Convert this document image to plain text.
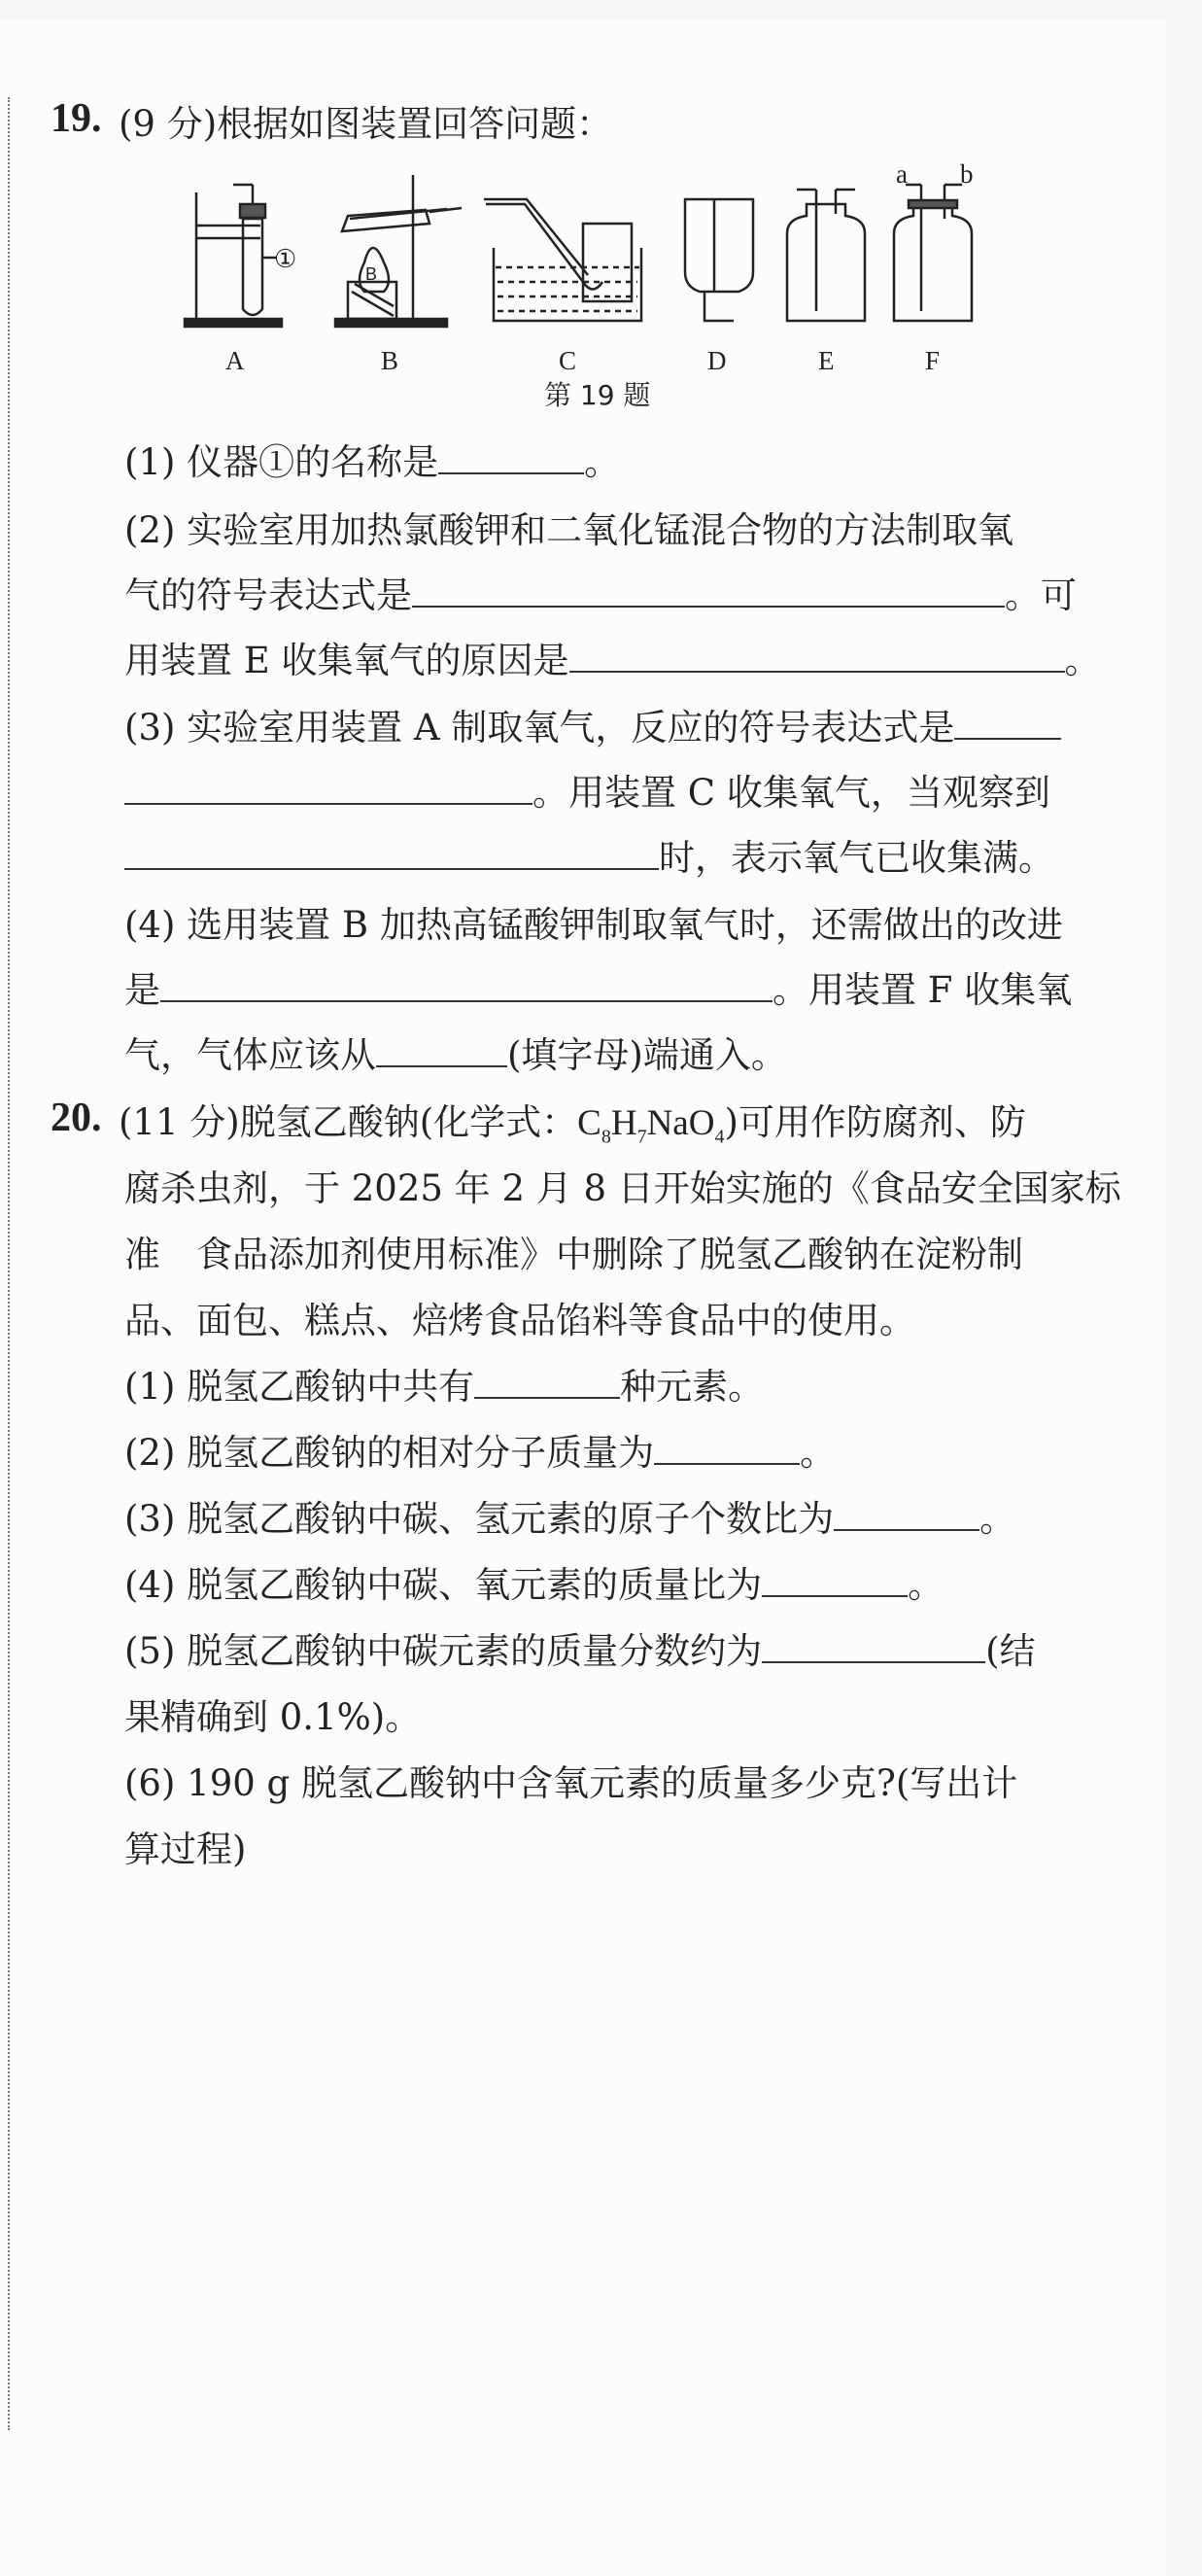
19. (9 分)根据如图装置回答问题：
B
①
a b
A	B	C	D	E	F
第 19 题
(1) 仪器①的名称是	。
(2) 实验室用加热氯酸钾和二氧化锰混合物的方法制取氧
气的符号表达式是	。可
用装置 E 收集氧气的原因是	。
(3) 实验室用装置 A 制取氧气，反应的符号表达式是
。用装置 C 收集氧气，当观察到
时，表示氧气已收集满。
(4) 选用装置 B 加热高锰酸钾制取氧气时，还需做出的改进
是	。用装置 F 收集氧
气，气体应该从	(填字母)端通入。
20. (11 分)脱氢乙酸钠(化学式：$C_8H_7NaO_4$)可用作防腐剂、防
腐杀虫剂，于 2025 年 2 月 8 日开始实施的《食品安全国家标
准　食品添加剂使用标准》中删除了脱氢乙酸钠在淀粉制
品、面包、糕点、焙烤食品馅料等食品中的使用。
(1) 脱氢乙酸钠中共有	种元素。
(2) 脱氢乙酸钠的相对分子质量为	。
(3) 脱氢乙酸钠中碳、氢元素的原子个数比为	。
(4) 脱氢乙酸钠中碳、氧元素的质量比为	。
(5) 脱氢乙酸钠中碳元素的质量分数约为	(结
果精确到 0.1%)。
(6) 190 g 脱氢乙酸钠中含氧元素的质量多少克?(写出计
算过程)
